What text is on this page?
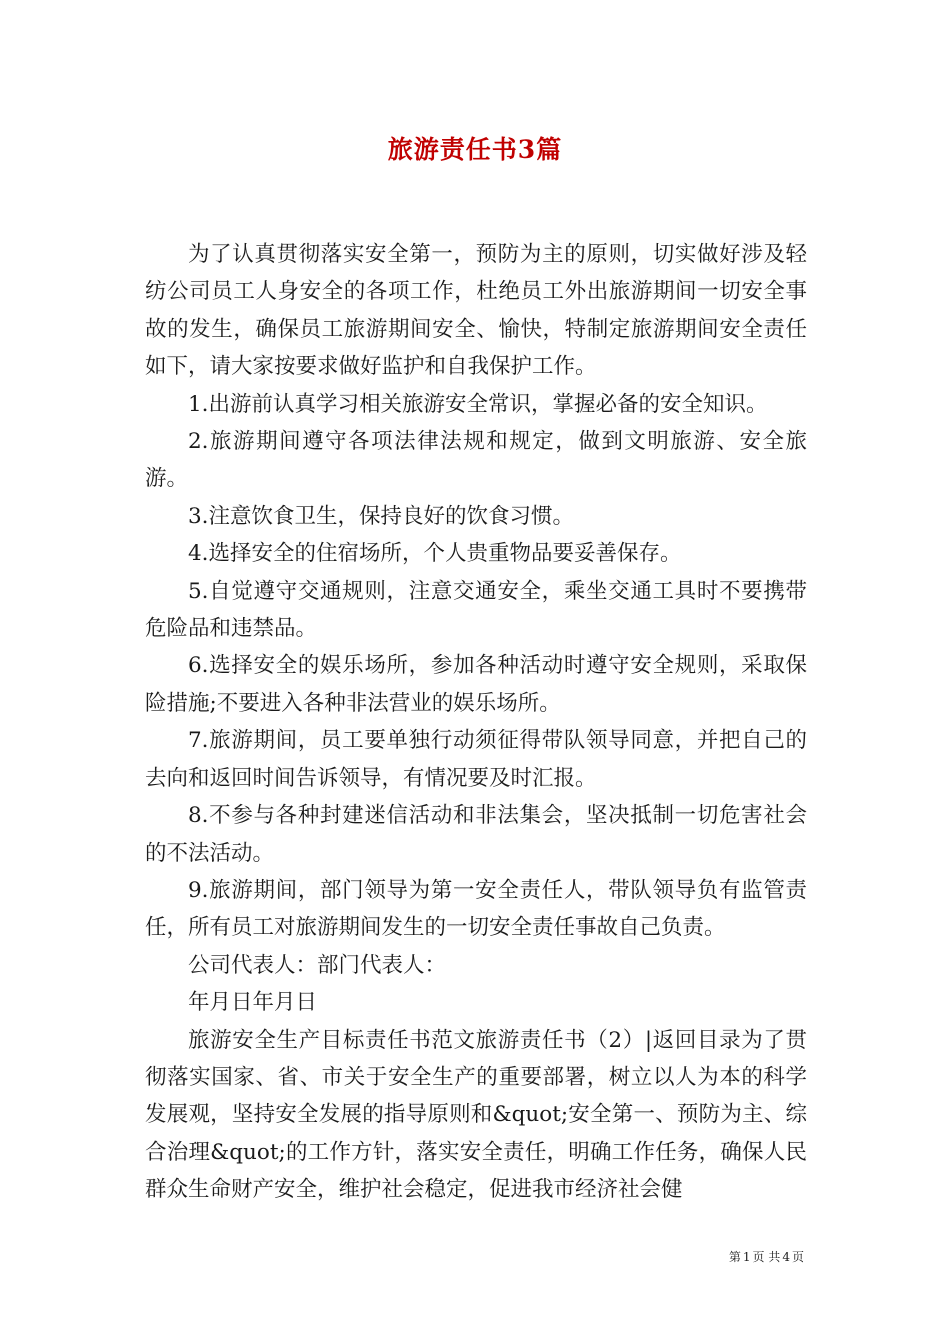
旅游责任书3篇

为了认真贯彻落实安全第一，预防为主的原则，切实做好涉及轻纺公司员工人身安全的各项工作，杜绝员工外出旅游期间一切安全事故的发生，确保员工旅游期间安全、愉快，特制定旅游期间安全责任如下，请大家按要求做好监护和自我保护工作。

1.出游前认真学习相关旅游安全常识，掌握必备的安全知识。

2.旅游期间遵守各项法律法规和规定，做到文明旅游、安全旅游。

3.注意饮食卫生，保持良好的饮食习惯。

4.选择安全的住宿场所，个人贵重物品要妥善保存。

5.自觉遵守交通规则，注意交通安全，乘坐交通工具时不要携带危险品和违禁品。

6.选择安全的娱乐场所，参加各种活动时遵守安全规则，采取保险措施;不要进入各种非法营业的娱乐场所。

7.旅游期间，员工要单独行动须征得带队领导同意，并把自己的去向和返回时间告诉领导，有情况要及时汇报。

8.不参与各种封建迷信活动和非法集会，坚决抵制一切危害社会的不法活动。

9.旅游期间，部门领导为第一安全责任人，带队领导负有监管责任，所有员工对旅游期间发生的一切安全责任事故自己负责。

公司代表人：部门代表人：

年月日年月日

旅游安全生产目标责任书范文旅游责任书（2）|返回目录为了贯彻落实国家、省、市关于安全生产的重要部署，树立以人为本的科学发展观，坚持安全发展的指导原则和&quot;安全第一、预防为主、综合治理&quot;的工作方针，落实安全责任，明确工作任务，确保人民群众生命财产安全，维护社会稳定，促进我市经济社会健

第 1 页 共 4 页
